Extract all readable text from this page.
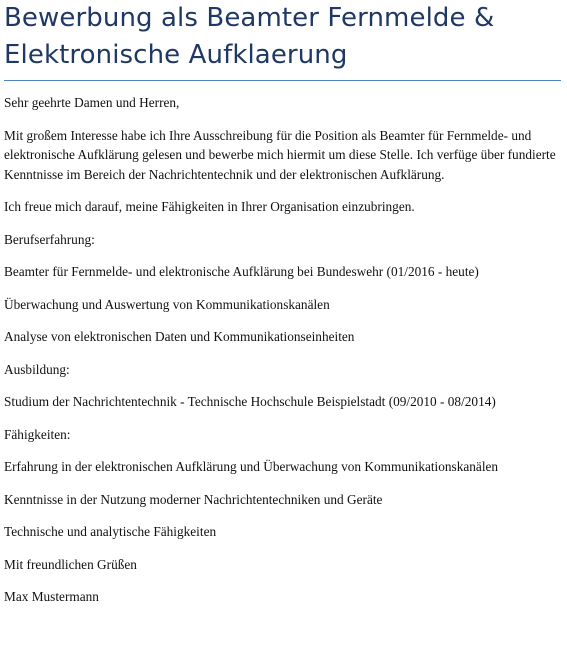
Bewerbung als Beamter Fernmelde &
Elektronische Aufklaerung

Sehr geehrte Damen und Herren,

Mit großem Interesse habe ich Ihre Ausschreibung für die Position als Beamter für Fernmelde- und elektronische Aufklärung gelesen und bewerbe mich hiermit um diese Stelle. Ich verfüge über fundierte Kenntnisse im Bereich der Nachrichtentechnik und der elektronischen Aufklärung.

Ich freue mich darauf, meine Fähigkeiten in Ihrer Organisation einzubringen.

Berufserfahrung:

Beamter für Fernmelde- und elektronische Aufklärung bei Bundeswehr (01/2016 - heute)

Überwachung und Auswertung von Kommunikationskanälen

Analyse von elektronischen Daten und Kommunikationseinheiten

Ausbildung:

Studium der Nachrichtentechnik - Technische Hochschule Beispielstadt (09/2010 - 08/2014)

Fähigkeiten:

Erfahrung in der elektronischen Aufklärung und Überwachung von Kommunikationskanälen

Kenntnisse in der Nutzung moderner Nachrichtentechniken und Geräte

Technische und analytische Fähigkeiten

Mit freundlichen Grüßen

Max Mustermann
